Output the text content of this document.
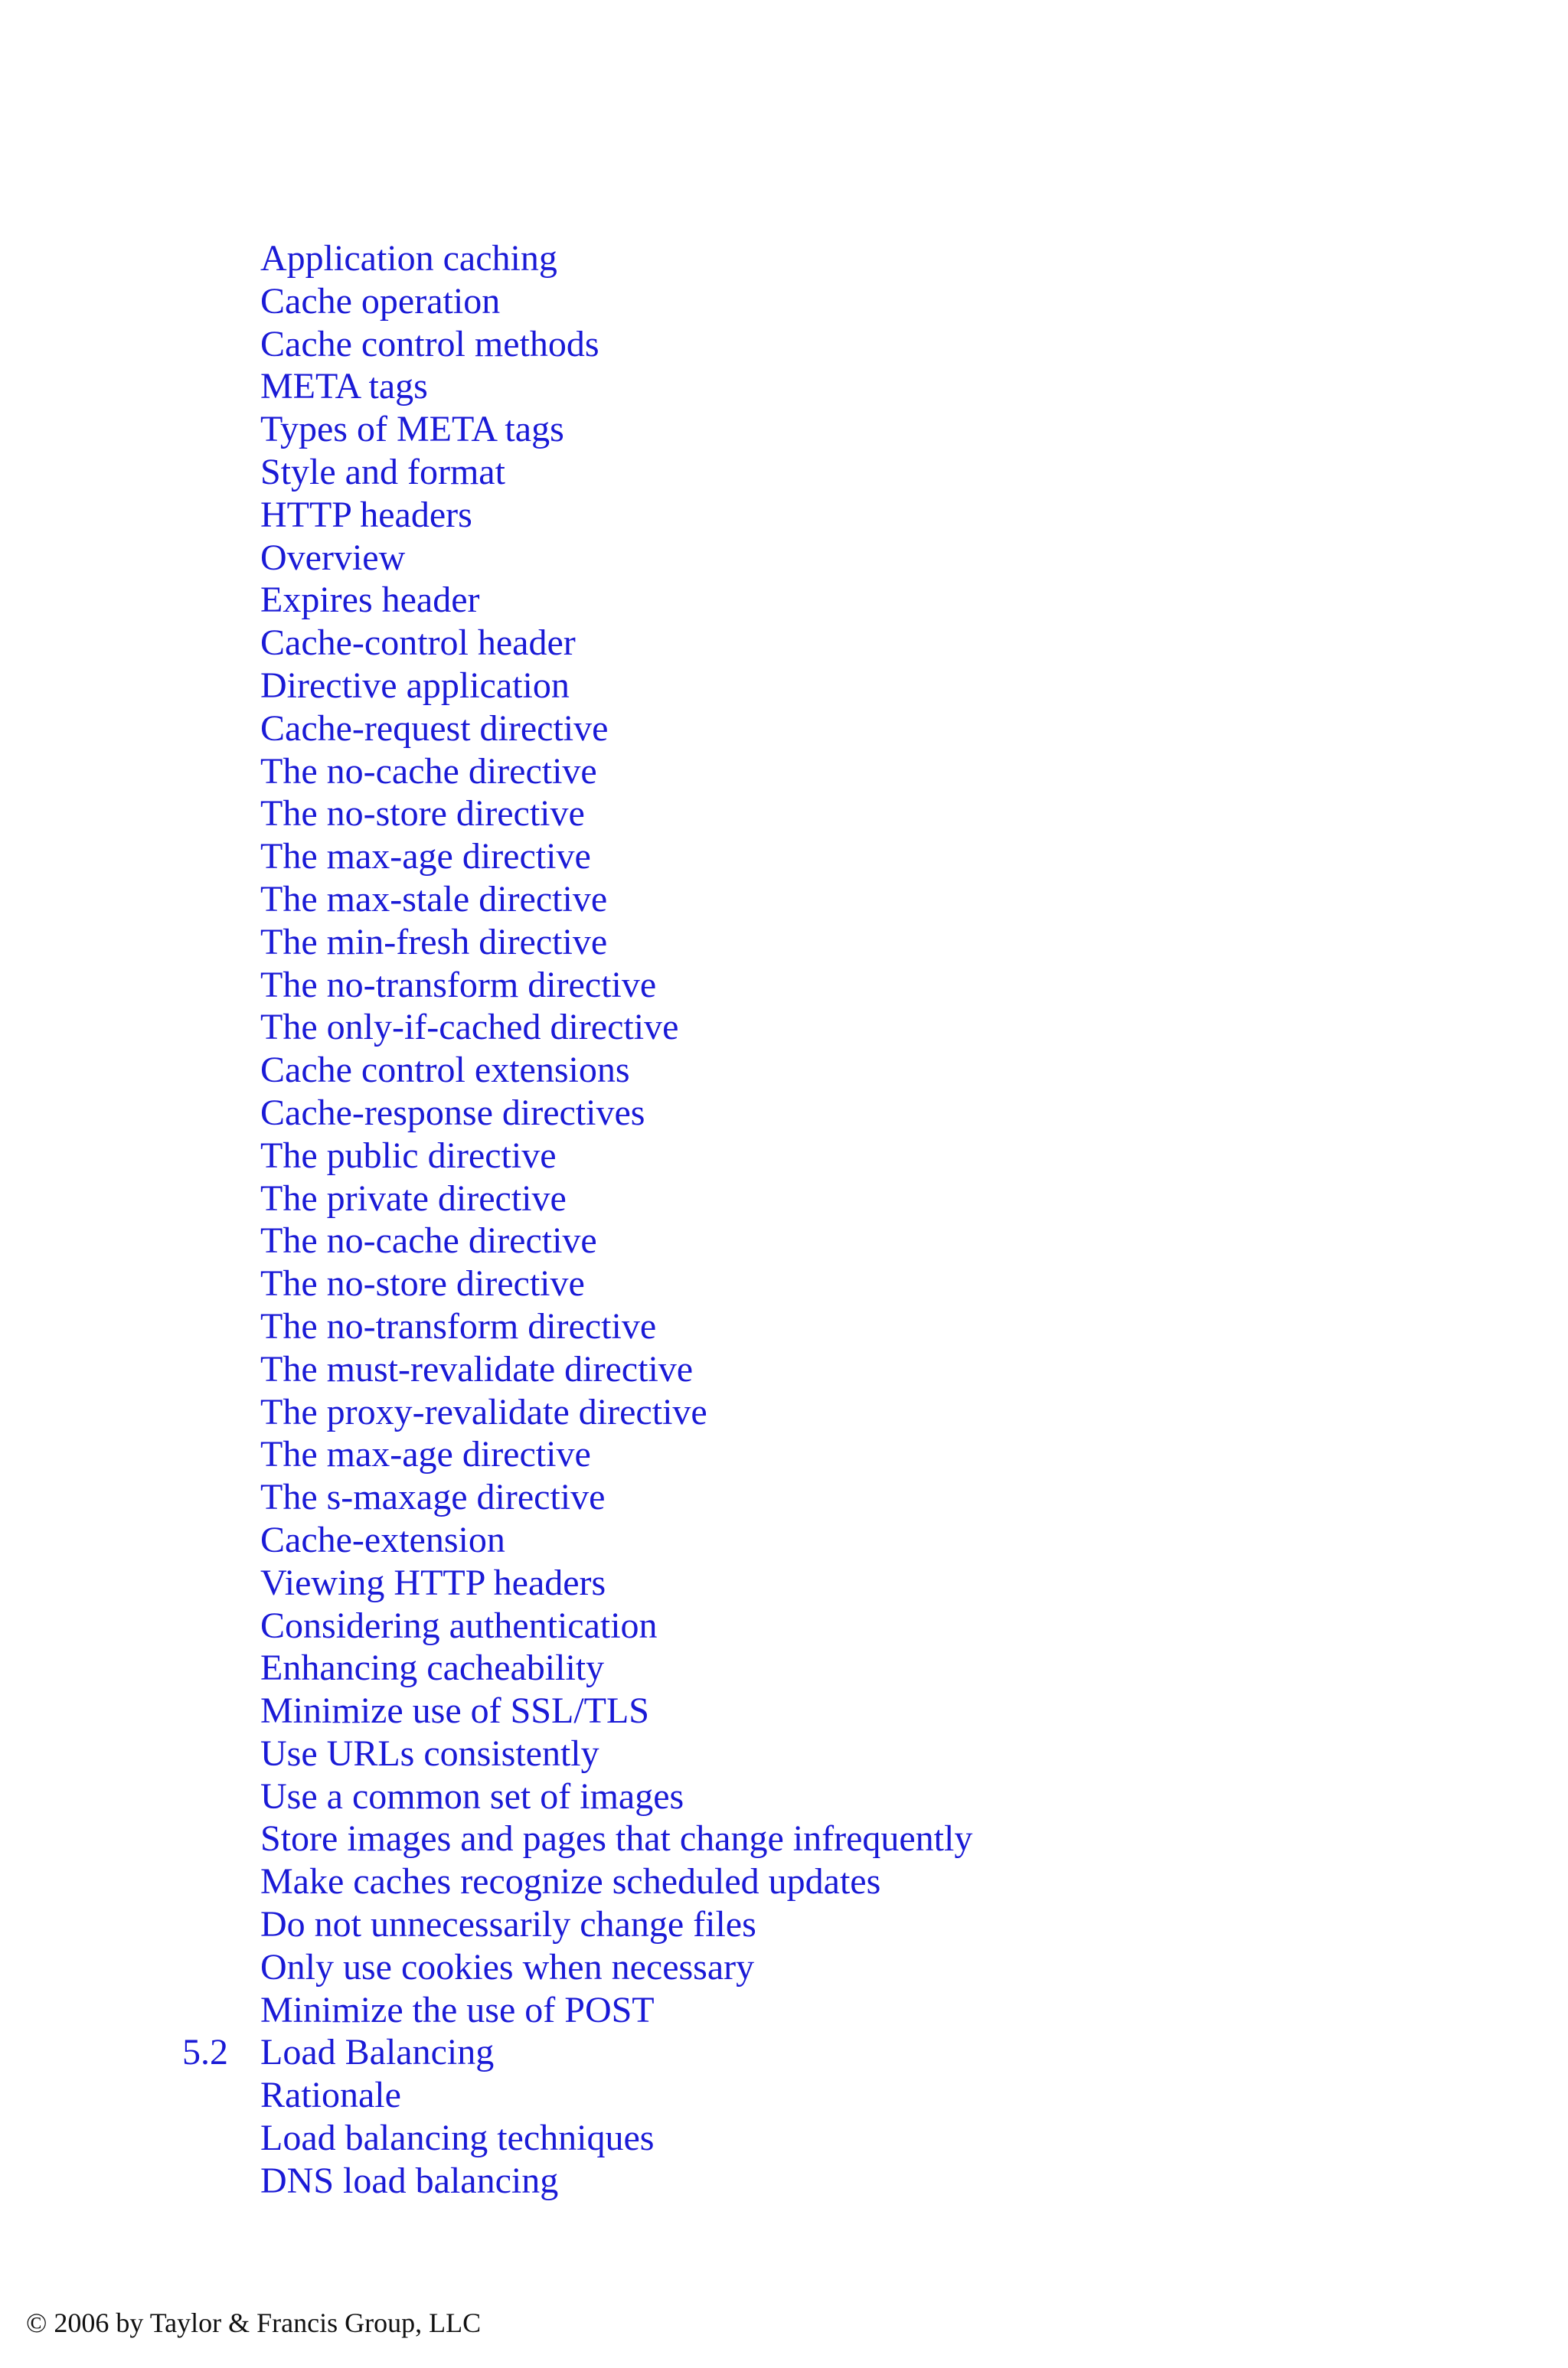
Application caching
Cache operation
Cache control methods
META tags
Types of META tags
Style and format
HTTP headers
Overview
Expires header
Cache-control header
Directive application
Cache-request directive
The no-cache directive
The no-store directive
The max-age directive
The max-stale directive
The min-fresh directive
The no-transform directive
The only-if-cached directive
Cache control extensions
Cache-response directives
The public directive
The private directive
The no-cache directive
The no-store directive
The no-transform directive
The must-revalidate directive
The proxy-revalidate directive
The max-age directive
The s-maxage directive
Cache-extension
Viewing HTTP headers
Considering authentication
Enhancing cacheability
Minimize use of SSL/TLS
Use URLs consistently
Use a common set of images
Store images and pages that change infrequently
Make caches recognize scheduled updates
Do not unnecessarily change files
Only use cookies when necessary
Minimize the use of POST
5.2 Load Balancing
Rationale
Load balancing techniques
DNS load balancing
© 2006 by Taylor & Francis Group, LLC
